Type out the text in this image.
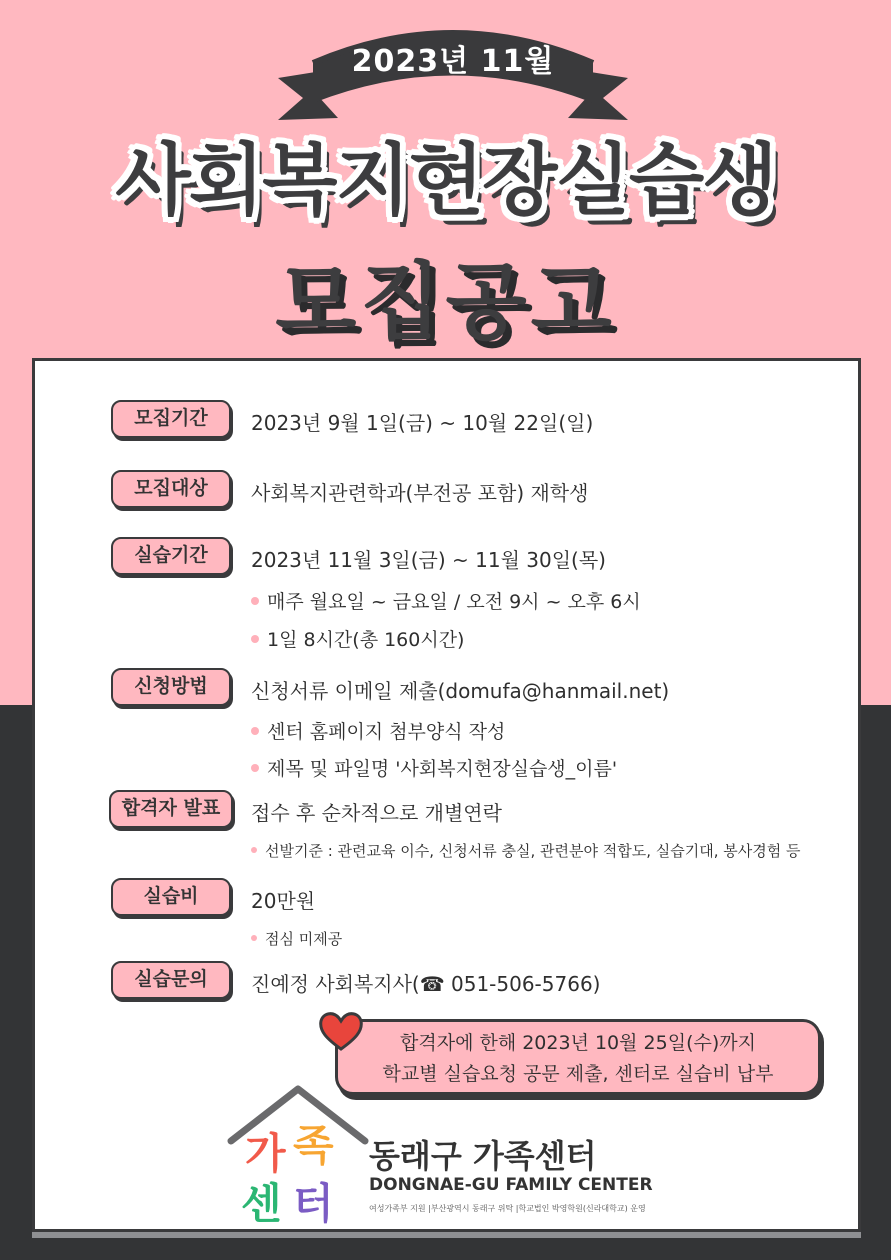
2023년 11월
사회복지현장실습생
모집공고
모집기간	2023년 9월 1일(금) ~ 10월 22일(일)
모집대상	사회복지관련학과(부전공 포함) 재학생
실습기간	2023년 11월 3일(금) ~ 11월 30일(목)
매주 월요일 ~ 금요일 / 오전 9시 ~ 오후 6시
1일 8시간(총 160시간)
신청방법	신청서류 이메일 제출(domufa@hanmail.net)
센터 홈페이지 첨부양식 작성
제목 및 파일명 '사회복지현장실습생_이름'
합격자 발표	접수 후 순차적으로 개별연락
선발기준 : 관련교육 이수, 신청서류 충실, 관련분야 적합도, 실습기대, 봉사경험 등
실습비	20만원
점심 미제공
실습문의	진예정 사회복지사(☎ 051-506-5766)
합격자에 한해 2023년 10월 25일(수)까지
학교별 실습요청 공문 제출, 센터로 실습비 납부
가 족
센 터
동래구 가족센터
DONGNAE-GU FAMILY CENTER
여성가족부 지원 |부산광역시 동래구 위탁 |학교법인 박영학원(신라대학교) 운영
